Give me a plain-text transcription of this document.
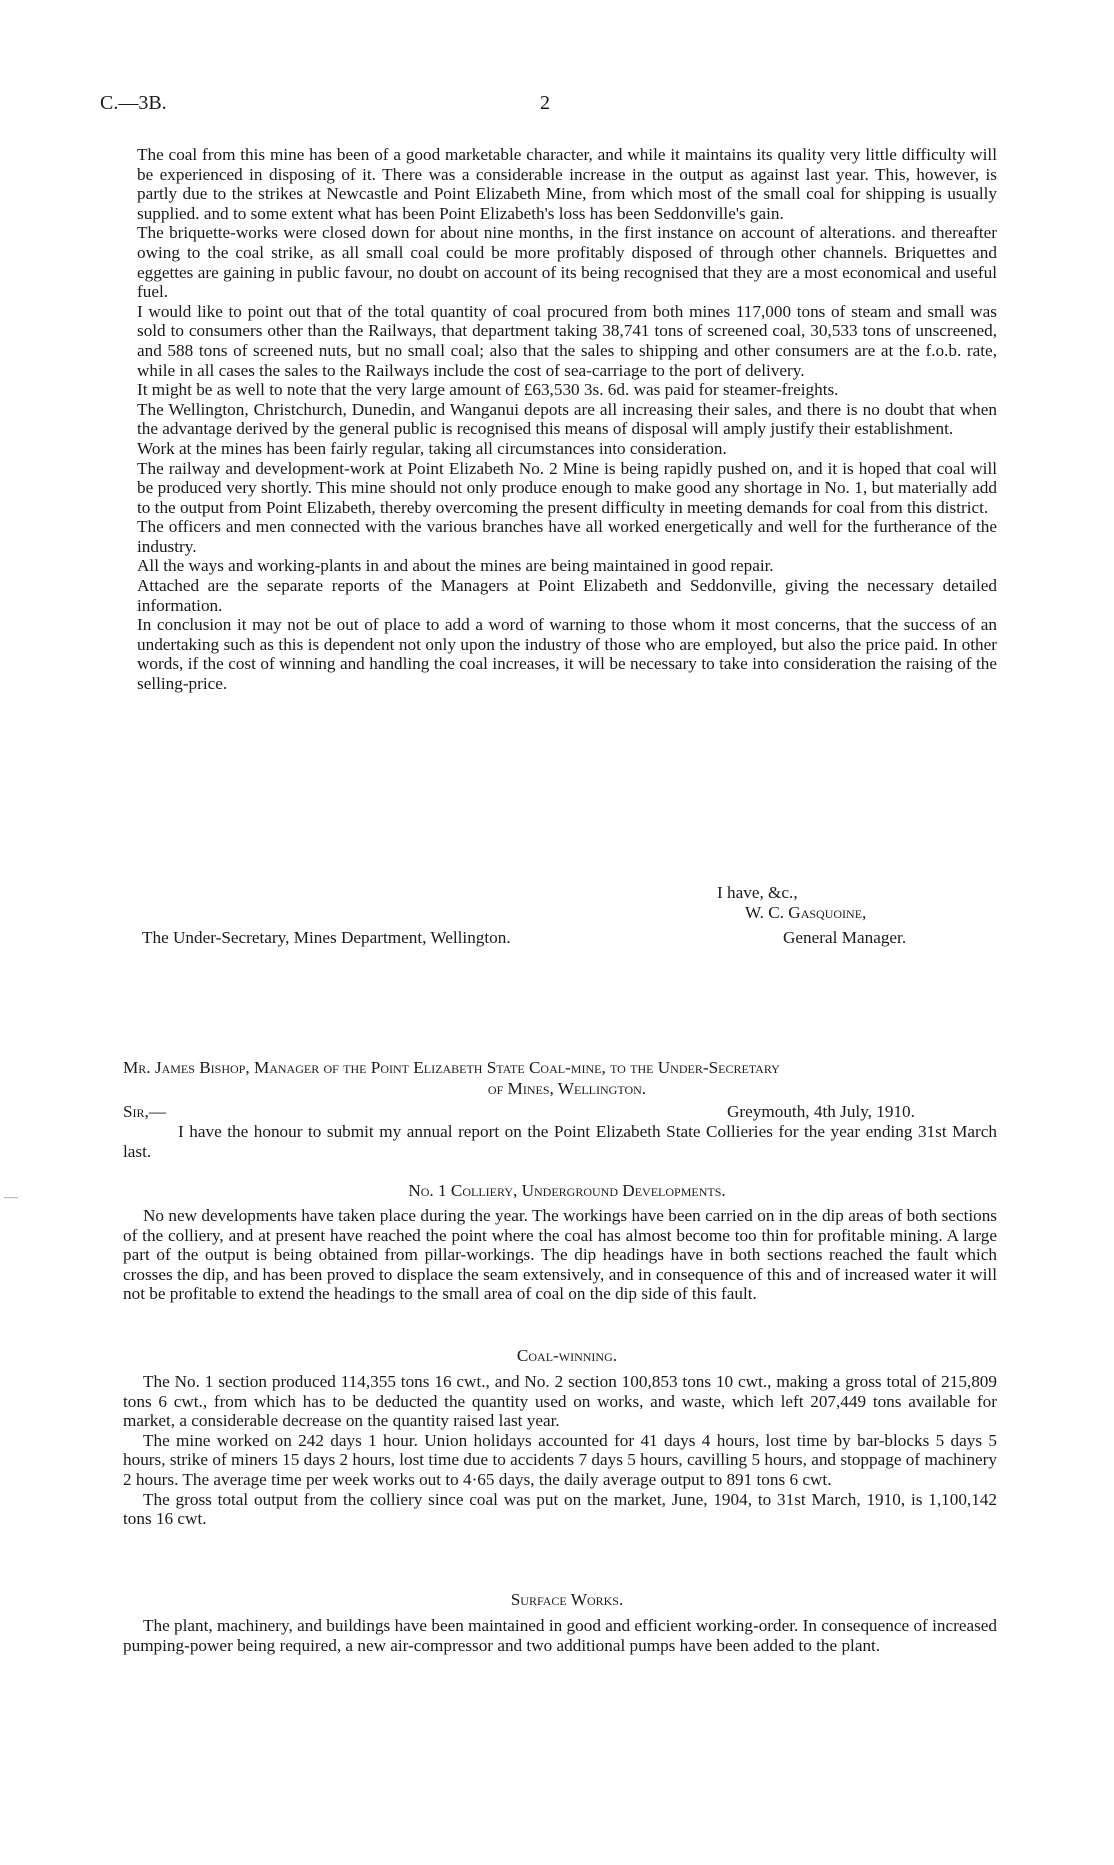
C.—3B.	2

The coal from this mine has been of a good marketable character, and while it maintains its quality very little difficulty will be experienced in disposing of it. There was a considerable increase in the output as against last year. This, however, is partly due to the strikes at Newcastle and Point Elizabeth Mine, from which most of the small coal for shipping is usually supplied. and to some extent what has been Point Elizabeth's loss has been Seddonville's gain.

The briquette-works were closed down for about nine months, in the first instance on account of alterations. and thereafter owing to the coal strike, as all small coal could be more profitably disposed of through other channels. Briquettes and eggettes are gaining in public favour, no doubt on account of its being recognised that they are a most economical and useful fuel.

I would like to point out that of the total quantity of coal procured from both mines 117,000 tons of steam and small was sold to consumers other than the Railways, that department taking 38,741 tons of screened coal, 30,533 tons of unscreened, and 588 tons of screened nuts, but no small coal; also that the sales to shipping and other consumers are at the f.o.b. rate, while in all cases the sales to the Railways include the cost of sea-carriage to the port of delivery.

It might be as well to note that the very large amount of £63,530 3s. 6d. was paid for steamer-freights.

The Wellington, Christchurch, Dunedin, and Wanganui depots are all increasing their sales, and there is no doubt that when the advantage derived by the general public is recognised this means of disposal will amply justify their establishment.

Work at the mines has been fairly regular, taking all circumstances into consideration.

The railway and development-work at Point Elizabeth No. 2 Mine is being rapidly pushed on, and it is hoped that coal will be produced very shortly. This mine should not only produce enough to make good any shortage in No. 1, but materially add to the output from Point Elizabeth, thereby overcoming the present difficulty in meeting demands for coal from this district.

The officers and men connected with the various branches have all worked energetically and well for the furtherance of the industry.

All the ways and working-plants in and about the mines are being maintained in good repair.

Attached are the separate reports of the Managers at Point Elizabeth and Seddonville, giving the necessary detailed information.

In conclusion it may not be out of place to add a word of warning to those whom it most concerns, that the success of an undertaking such as this is dependent not only upon the industry of those who are employed, but also the price paid. In other words, if the cost of winning and handling the coal increases, it will be necessary to take into consideration the raising of the selling-price.

I have, &c.,
W. C. Gasquoine,
General Manager.
The Under-Secretary, Mines Department, Wellington.
—
Mr. James Bishop, Manager of the Point Elizabeth State Coal-mine, to the Under-Secretary
of Mines, Wellington.
Sir,—	Greymouth, 4th July, 1910.
I have the honour to submit my annual report on the Point Elizabeth State Collieries for the year ending 31st March last.
No. 1 Colliery, Underground Developments.
No new developments have taken place during the year. The workings have been carried on in the dip areas of both sections of the colliery, and at present have reached the point where the coal has almost become too thin for profitable mining. A large part of the output is being obtained from pillar-workings. The dip headings have in both sections reached the fault which crosses the dip, and has been proved to displace the seam extensively, and in consequence of this and of increased water it will not be profitable to extend the headings to the small area of coal on the dip side of this fault.
Coal-winning.

The No. 1 section produced 114,355 tons 16 cwt., and No. 2 section 100,853 tons 10 cwt., making a gross total of 215,809 tons 6 cwt., from which has to be deducted the quantity used on works, and waste, which left 207,449 tons available for market, a considerable decrease on the quantity raised last year.

The mine worked on 242 days 1 hour. Union holidays accounted for 41 days 4 hours, lost time by bar-blocks 5 days 5 hours, strike of miners 15 days 2 hours, lost time due to accidents 7 days 5 hours, cavilling 5 hours, and stoppage of machinery 2 hours. The average time per week works out to 4·65 days, the daily average output to 891 tons 6 cwt.

The gross total output from the colliery since coal was put on the market, June, 1904, to 31st March, 1910, is 1,100,142 tons 16 cwt.

Surface Works.
The plant, machinery, and buildings have been maintained in good and efficient working-order. In consequence of increased pumping-power being required, a new air-compressor and two additional pumps have been added to the plant.
